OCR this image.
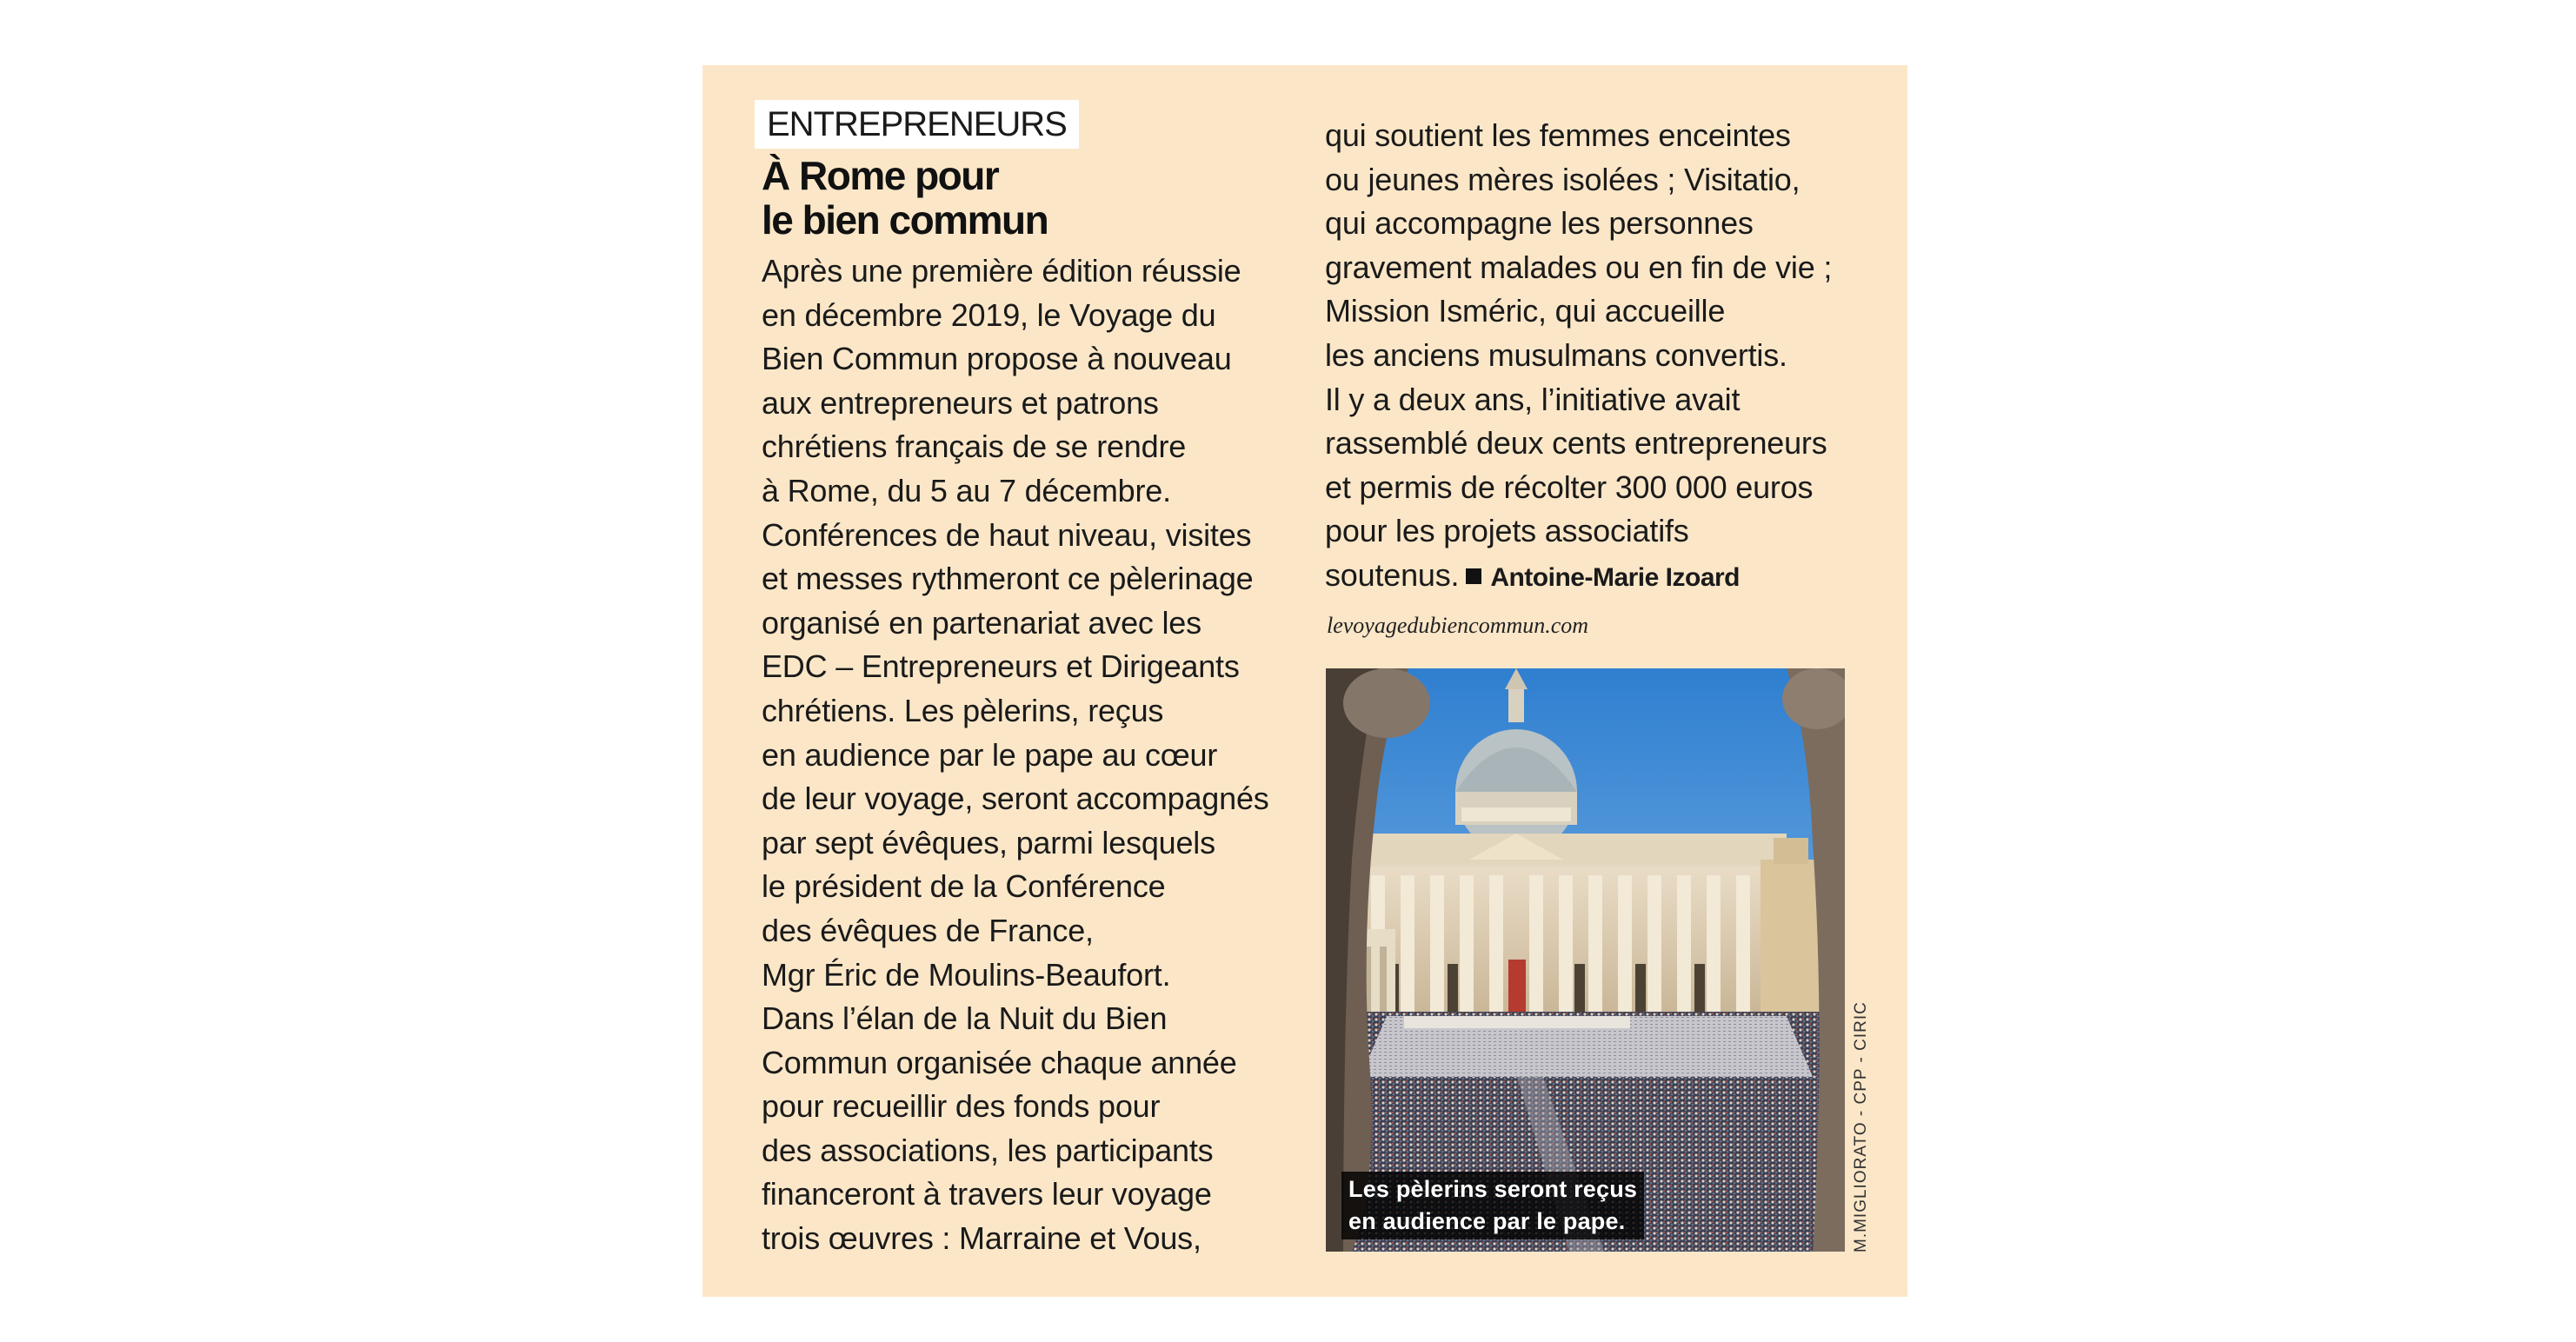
ENTREPRENEURS
À Rome pour
le bien commun
Après une première édition réussie
en décembre 2019, le Voyage du
Bien Commun propose à nouveau
aux entrepreneurs et patrons
chrétiens français de se rendre
à Rome, du 5 au 7 décembre.
Conférences de haut niveau, visites
et messes rythmeront ce pèlerinage
organisé en partenariat avec les
EDC – Entrepreneurs et Dirigeants
chrétiens. Les pèlerins, reçus
en audience par le pape au cœur
de leur voyage, seront accompagnés
par sept évêques, parmi lesquels
le président de la Conférence
des évêques de France,
Mgr Éric de Moulins-Beaufort.
Dans l’élan de la Nuit du Bien
Commun organisée chaque année
pour recueillir des fonds pour
des associations, les participants
financeront à travers leur voyage
trois œuvres : Marraine et Vous,
qui soutient les femmes enceintes
ou jeunes mères isolées ; Visitatio,
qui accompagne les personnes
gravement malades ou en fin de vie ;
Mission Isméric, qui accueille
les anciens musulmans convertis.
Il y a deux ans, l’initiative avait
rassemblé deux cents entrepreneurs
et permis de récolter 300 000 euros
pour les projets associatifs
soutenus. Antoine-Marie Izoard
levoyagedubiencommun.com
Les pèlerins seront reçus
en audience par le pape.	M.MIGLIORATO - CPP - CIRIC
